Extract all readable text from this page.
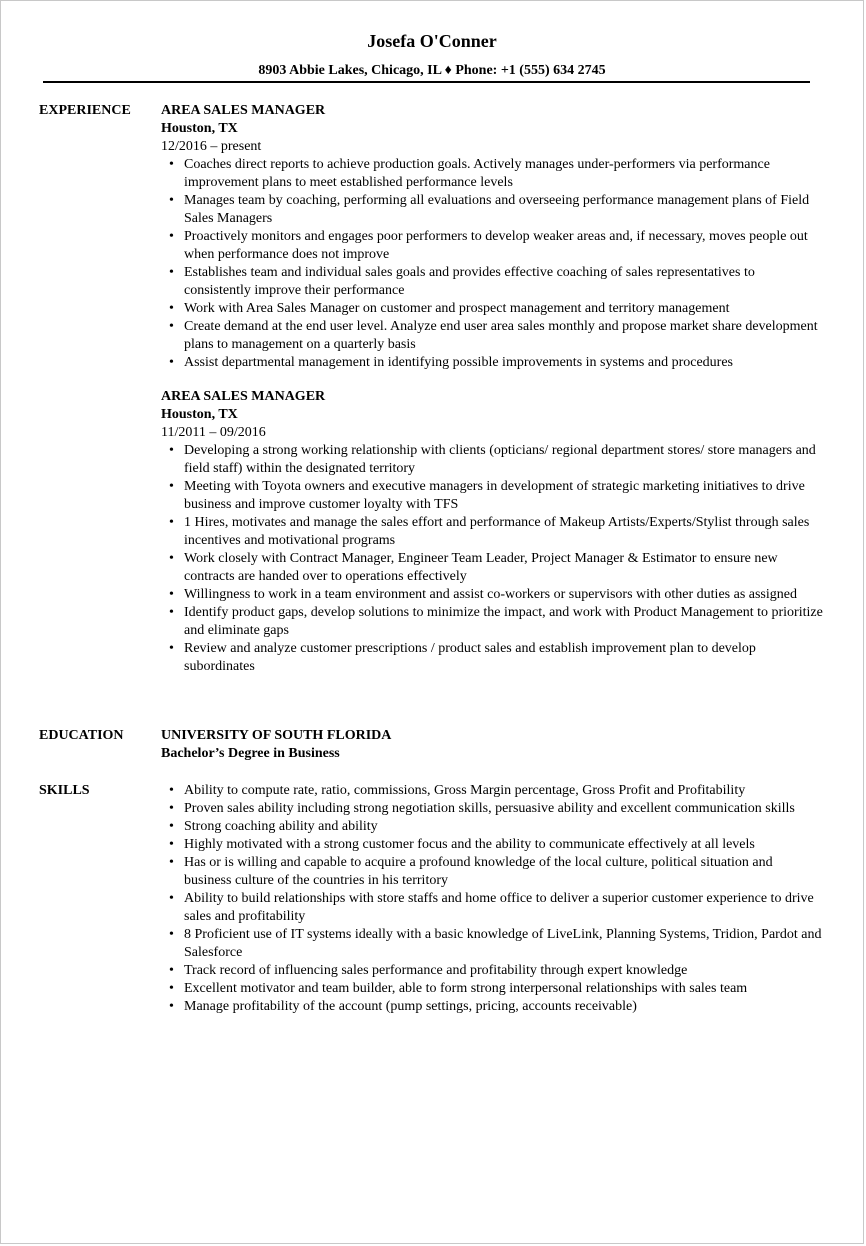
Josefa O'Conner
8903 Abbie Lakes, Chicago, IL ♦ Phone: +1 (555) 634 2745
EXPERIENCE AREA SALES MANAGER
Houston, TX
12/2016 – present
• Coaches direct reports to achieve production goals. Actively manages under-performers via performance improvement plans to meet established performance levels
• Manages team by coaching, performing all evaluations and overseeing performance management plans of Field Sales Managers
• Proactively monitors and engages poor performers to develop weaker areas and, if necessary, moves people out when performance does not improve
• Establishes team and individual sales goals and provides effective coaching of sales representatives to consistently improve their performance
• Work with Area Sales Manager on customer and prospect management and territory management
• Create demand at the end user level. Analyze end user area sales monthly and propose market share development plans to management on a quarterly basis
• Assist departmental management in identifying possible improvements in systems and procedures
AREA SALES MANAGER
Houston, TX
11/2011 – 09/2016
• Developing a strong working relationship with clients (opticians/ regional department stores/ store managers and field staff) within the designated territory
• Meeting with Toyota owners and executive managers in development of strategic marketing initiatives to drive business and improve customer loyalty with TFS
• 1 Hires, motivates and manage the sales effort and performance of Makeup Artists/Experts/Stylist through sales incentives and motivational programs
• Work closely with Contract Manager, Engineer Team Leader, Project Manager & Estimator to ensure new contracts are handed over to operations effectively
• Willingness to work in a team environment and assist co-workers or supervisors with other duties as assigned
• Identify product gaps, develop solutions to minimize the impact, and work with Product Management to prioritize and eliminate gaps
• Review and analyze customer prescriptions / product sales and establish improvement plan to develop subordinates
EDUCATION	UNIVERSITY OF SOUTH FLORIDA
Bachelor’s Degree in Business
SKILLS
•	Ability to compute rate, ratio, commissions, Gross Margin percentage, Gross Profit and Profitability
• Proven sales ability including strong negotiation skills, persuasive ability and excellent communication skills
• Strong coaching ability and ability
• Highly motivated with a strong customer focus and the ability to communicate effectively at all levels
• Has or is willing and capable to acquire a profound knowledge of the local culture, political situation and business culture of the countries in his territory
• Ability to build relationships with store staffs and home office to deliver a superior customer experience to drive sales and profitability
• 8 Proficient use of IT systems ideally with a basic knowledge of LiveLink, Planning Systems, Tridion, Pardot and Salesforce
• Track record of influencing sales performance and profitability through expert knowledge
• Excellent motivator and team builder, able to form strong interpersonal relationships with sales team
• Manage profitability of the account (pump settings, pricing, accounts receivable)
